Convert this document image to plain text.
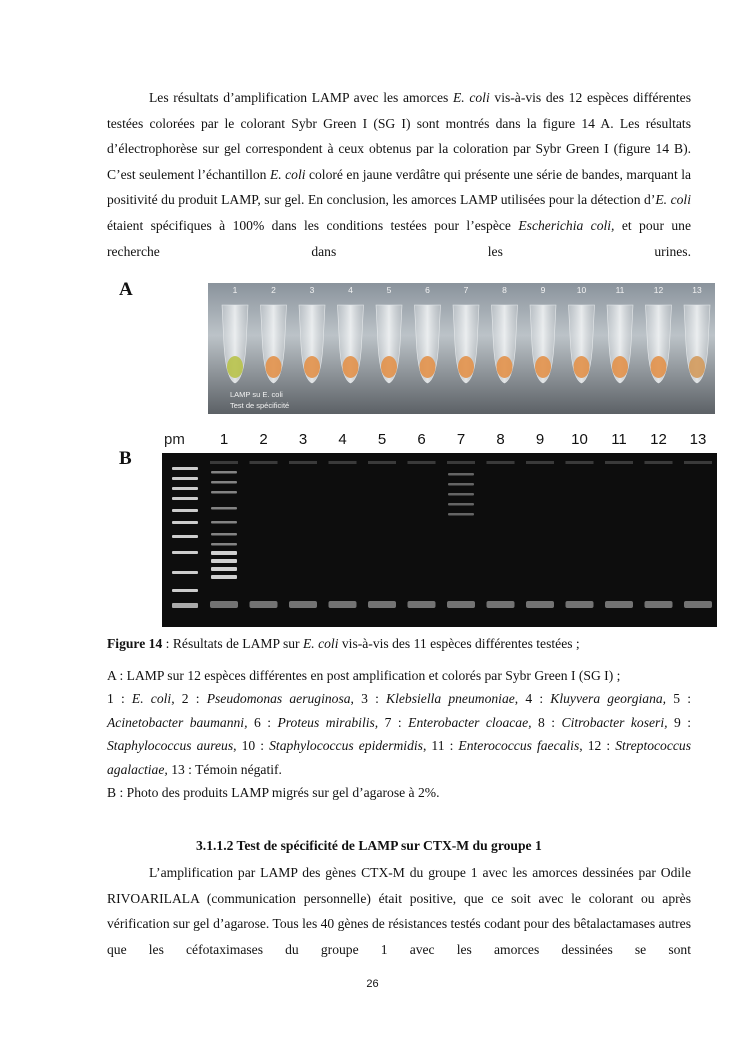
Les résultats d’amplification LAMP avec les amorces E. coli vis-à-vis des 12 espèces différentes testées colorées par le colorant Sybr Green I (SG I) sont montrés dans la figure 14 A. Les résultats d’électrophorèse sur gel correspondent à ceux obtenus par la coloration par Sybr Green I (figure 14 B). C’est seulement l’échantillon E. coli coloré en jaune verdâtre qui présente une série de bandes, marquant la positivité du produit LAMP, sur gel. En conclusion, les amorces LAMP utilisées pour la détection d’E. coli étaient spécifiques à 100% dans les conditions testées pour l’espèce Escherichia coli, et pour une recherche dans les urines.

A
B
1	2	3	4	5	6	7	8	9	10	11	12	13
LAMP su E. coli
Test de spécificité
pm 1 2 3 4 5 6 7 8 9 10 11 12 13

Figure 14 : Résultats de LAMP sur E. coli vis-à-vis des 11 espèces différentes testées ;

A : LAMP sur 12 espèces différentes en post amplification et colorés par Sybr Green I (SG I) ;

1 : E. coli, 2 : Pseudomonas aeruginosa, 3 : Klebsiella pneumoniae, 4 : Kluyvera georgiana, 5 : Acinetobacter baumanni, 6 : Proteus mirabilis, 7 : Enterobacter cloacae, 8 : Citrobacter koseri, 9 : Staphylococcus aureus, 10 : Staphylococcus epidermidis, 11 : Enterococcus faecalis, 12 : Streptococcus agalactiae, 13 : Témoin négatif.

B : Photo des produits LAMP migrés sur gel d’agarose à 2%.

3.1.1.2 Test de spécificité de LAMP sur CTX-M du groupe 1

L’amplification par LAMP des gènes CTX-M du groupe 1 avec les amorces dessinées par Odile RIVOARILALA (communication personnelle) était positive, que ce soit avec le colorant ou après vérification sur gel d’agarose. Tous les 40 gènes de résistances testés codant pour des bêtalactamases autres que les céfotaximases du groupe 1 avec les amorces dessinées se sont

26
